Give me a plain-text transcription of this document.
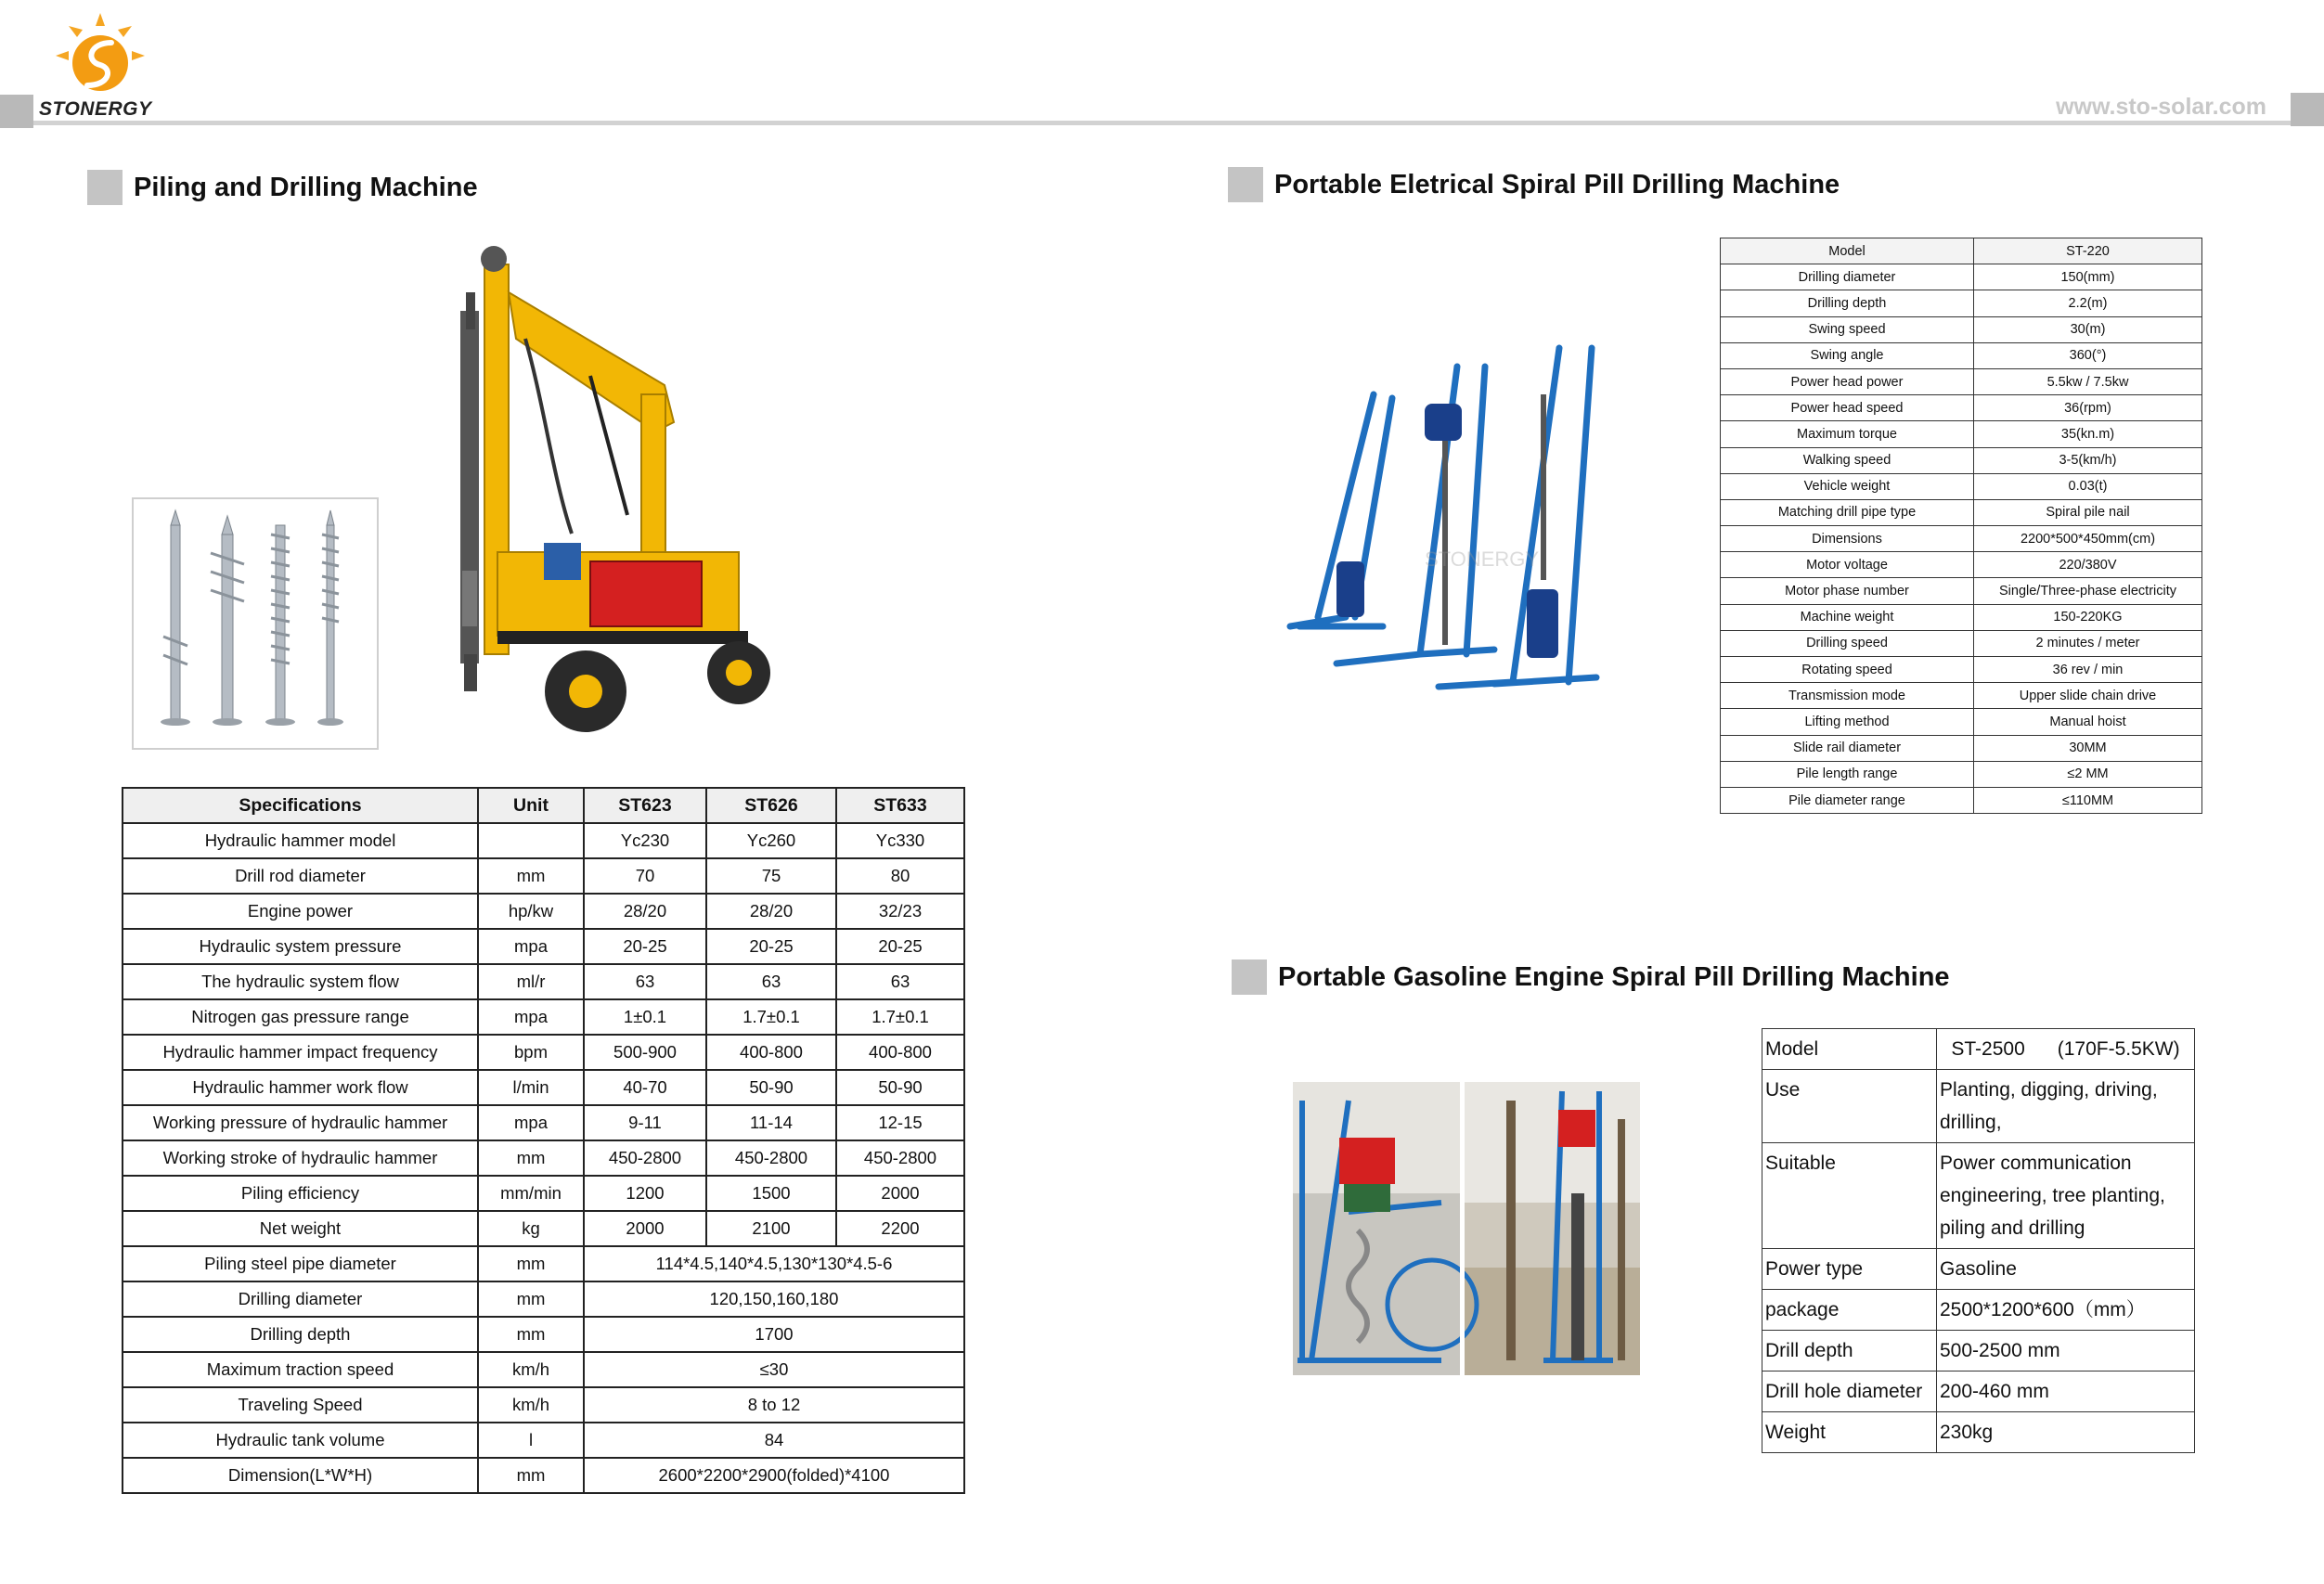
STONERGY	www.sto-solar.com
Piling and Drilling Machine
Specifications	Unit	ST623	ST626	ST633
Hydraulic hammer model		Yc230	Yc260	Yc330
Drill rod diameter	mm	70	75	80
Engine power	hp/kw	28/20	28/20	32/23
Hydraulic system pressure	mpa	20-25	20-25	20-25
The hydraulic system flow	ml/r	63	63	63
Nitrogen gas pressure range	mpa	1±0.1	1.7±0.1	1.7±0.1
Hydraulic hammer impact frequency	bpm	500-900	400-800	400-800
Hydraulic hammer work flow	l/min	40-70	50-90	50-90
Working pressure of hydraulic hammer	mpa	9-11	11-14	12-15
Working stroke of hydraulic hammer	mm	450-2800	450-2800	450-2800
Piling efficiency	mm/min	1200	1500	2000
Net weight	kg	2000	2100	2200
Piling steel pipe diameter	mm	114*4.5,140*4.5,130*130*4.5-6		
Drilling diameter	mm	120,150,160,180		
Drilling depth	mm	1700		
Maximum traction speed	km/h	≤30		
Traveling Speed	km/h	8 to 12		
Hydraulic tank volume	l	84		
Dimension(L*W*H)	mm	2600*2200*2900(folded)*4100		
Portable Eletrical Spiral Pill Drilling Machine
STONERGY
Model	ST-220
Drilling diameter	150(mm)
Drilling depth	2.2(m)
Swing speed	30(m)
Swing angle	360(°)
Power head power	5.5kw / 7.5kw
Power head speed	36(rpm)
Maximum torque	35(kn.m)
Walking speed	3-5(km/h)
Vehicle weight	0.03(t)
Matching drill pipe type	Spiral pile nail
Dimensions	2200*500*450mm(cm)
Motor voltage	220/380V
Motor phase number	Single/Three-phase electricity
Machine weight	150-220KG
Drilling speed	2 minutes / meter
Rotating speed	36 rev / min
Transmission mode	Upper slide chain drive
Lifting method	Manual hoist
Slide rail diameter	30MM
Pile length range	≤2 MM
Pile diameter range	≤110MM
Portable Gasoline Engine Spiral Pill Drilling Machine
Model	ST-2500      (170F-5.5KW)
Use	Planting, digging, driving, drilling,
Suitable	Power communication engineering, tree planting, piling and drilling
Power type	Gasoline
package	2500*1200*600（mm）
Drill depth	500-2500 mm
Drill hole diameter	200-460 mm
Weight	230kg
